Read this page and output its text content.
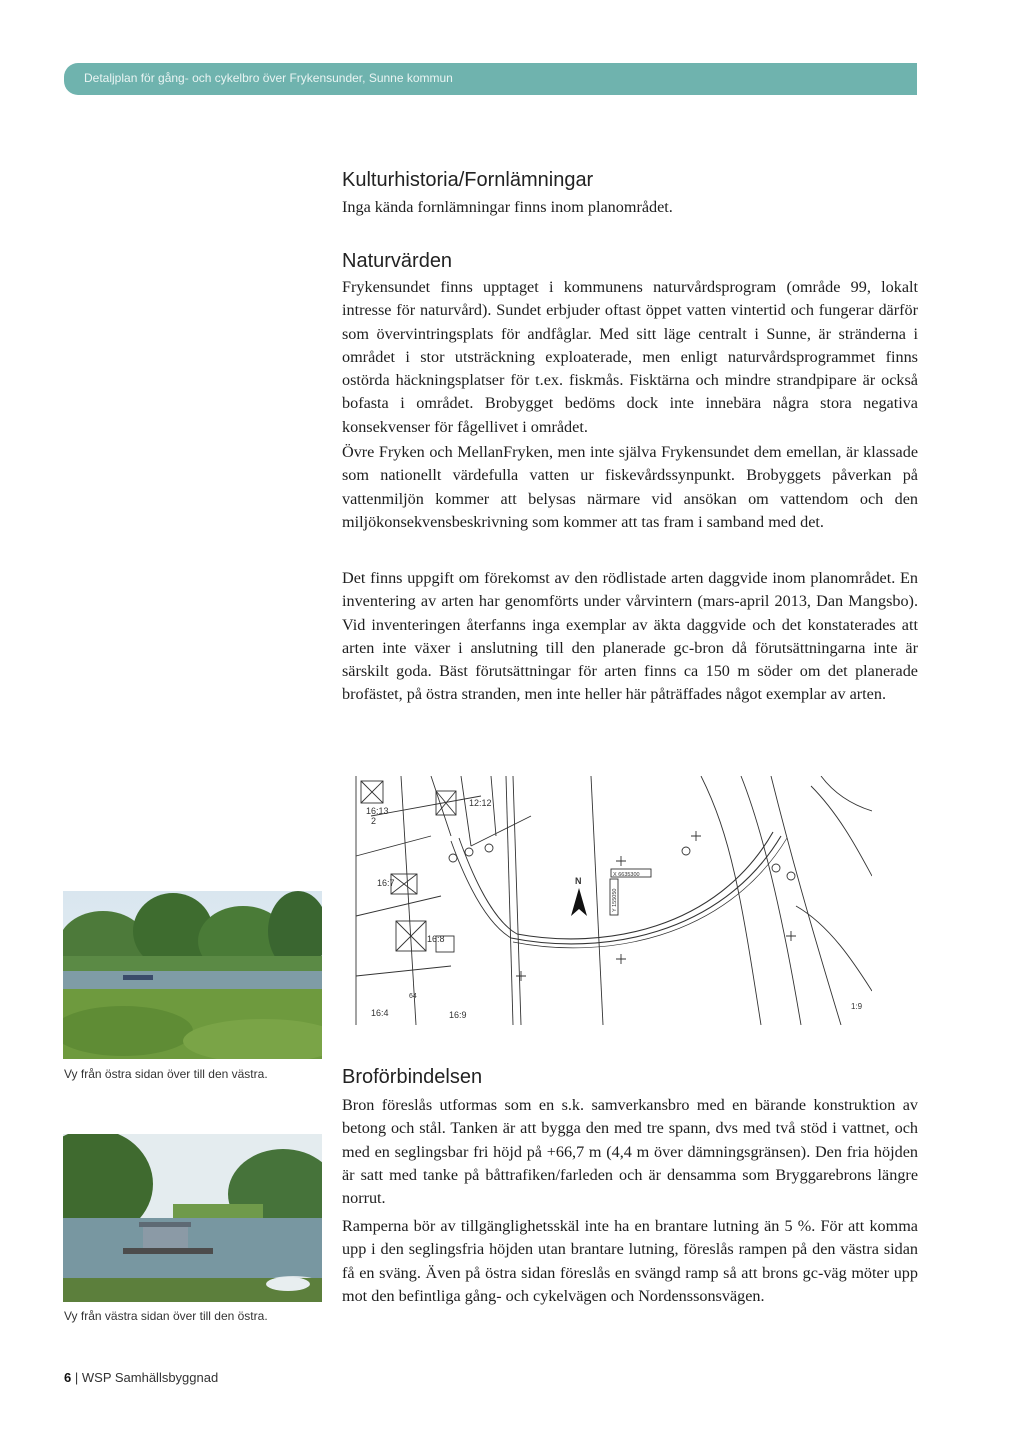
Detaljplan för gång- och cykelbro över Frykensunder, Sunne kommun
Kulturhistoria/Fornlämningar

Inga kända fornlämningar finns inom planområdet.

Naturvärden

Frykensundet finns upptaget i kommunens naturvårdsprogram (område 99, lokalt intresse för naturvård). Sundet erbjuder oftast öppet vatten vintertid och fungerar därför som övervintringsplats för andfåglar. Med sitt läge centralt i Sunne, är stränderna i området i stor utsträckning exploaterade, men enligt naturvårdsprogrammet finns ostörda häckningsplatser för t.ex. fiskmås. Fisktärna och mindre strandpipare är också bofasta i området. Brobygget bedöms dock inte innebära några stora negativa konsekvenser för fågellivet i området.

Övre Fryken och MellanFryken, men inte själva Frykensundet dem emellan, är klassade som nationellt värdefulla vatten ur fiskevårdssynpunkt. Brobyggets påverkan på vattenmiljön kommer att belysas närmare vid ansökan om vattendom och den miljökonsekvensbeskrivning som kommer att tas fram i samband med det.

Det finns uppgift om förekomst av den rödlistade arten daggvide inom planområdet. En inventering av arten har genomförts under vårvintern (mars-april 2013, Dan Mangsbo). Vid inventeringen återfanns inga exemplar av äkta daggvide och det konstaterades att arten inte växer i anslutning till den planerade gc-bron då förutsättningarna inte är särskilt goda. Bäst förutsättningar för arten finns ca 150 m söder om det planerade brofästet, på östra stranden, men inte heller här påträffades något exemplar av arten.

N
16:13
2
12:12
16:7
16:8
16:4	16:9
1:9
64
X 6635300
Y 155050
Vy från östra sidan över till den västra.
Vy från västra sidan över till den östra.
Broförbindelsen

Bron föreslås utformas som en s.k. samverkansbro med en bärande konstruktion av betong och stål. Tanken är att bygga den med tre spann, dvs med två stöd i vattnet, och med en seglingsbar fri höjd på +66,7 m (4,4 m över dämningsgränsen). Den fria höjden är satt med tanke på båttrafiken/farleden och är densamma som Bryggarebrons längre norrut.

Ramperna bör av tillgänglighetsskäl inte ha en brantare lutning än 5 %. För att komma upp i den seglingsfria höjden utan brantare lutning, föreslås rampen på den västra sidan få en sväng. Även på östra sidan föreslås en svängd ramp så att brons gc-väg möter upp mot den befintliga gång- och cykelvägen och Nordenssonsvägen.

6 | WSP Samhällsbyggnad
